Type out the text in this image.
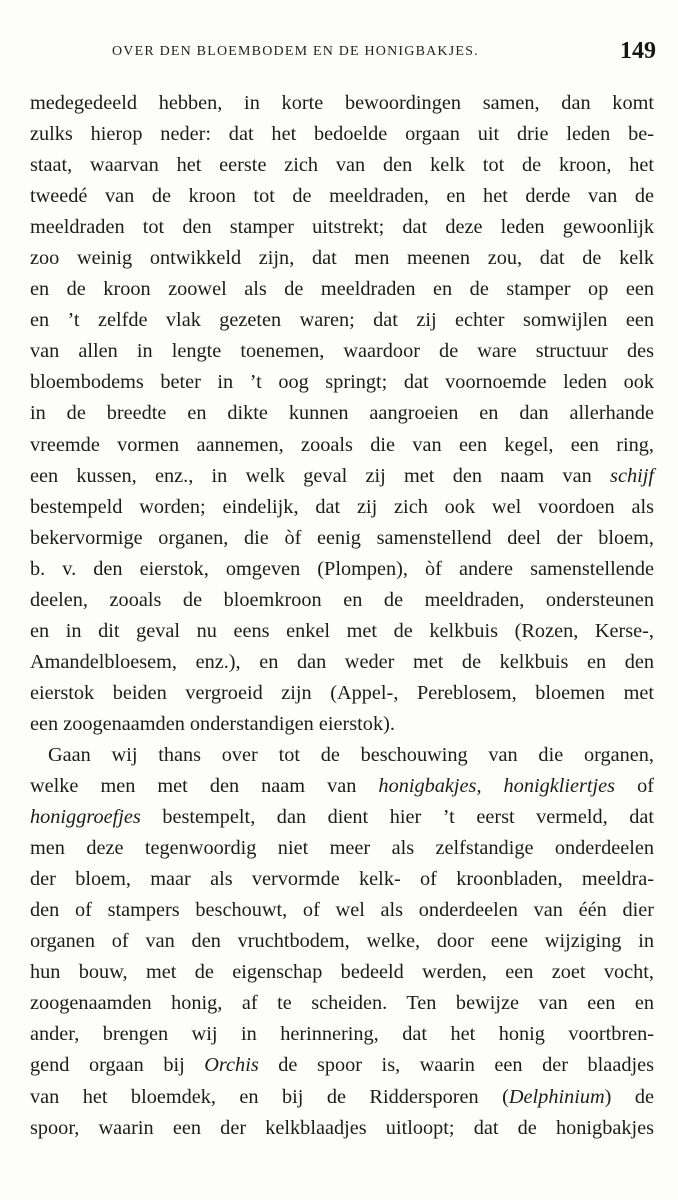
OVER DEN BLOEMBODEM EN DE HONIGBAKJES.	149
medegedeeld hebben, in korte bewoordingen samen, dan komt
zulks hierop neder: dat het bedoelde orgaan uit drie leden be-
staat, waarvan het eerste zich van den kelk tot de kroon, het
tweedé van de kroon tot de meeldraden, en het derde van de
meeldraden tot den stamper uitstrekt; dat deze leden gewoonlijk
zoo weinig ontwikkeld zijn, dat men meenen zou, dat de kelk
en de kroon zoowel als de meeldraden en de stamper op een
en ’t zelfde vlak gezeten waren; dat zij echter somwijlen een
van allen in lengte toenemen, waardoor de ware structuur des
bloembodems beter in ’t oog springt; dat voornoemde leden ook
in de breedte en dikte kunnen aangroeien en dan allerhande
vreemde vormen aannemen, zooals die van een kegel, een ring,
een kussen, enz., in welk geval zij met den naam van schijf
bestempeld worden; eindelijk, dat zij zich ook wel voordoen als
bekervormige organen, die òf eenig samenstellend deel der bloem,
b. v. den eierstok, omgeven (Plompen), òf andere samenstellende
deelen, zooals de bloemkroon en de meeldraden, ondersteunen
en in dit geval nu eens enkel met de kelkbuis (Rozen, Kerse-,
Amandelbloesem, enz.), en dan weder met de kelkbuis en den
eierstok beiden vergroeid zijn (Appel-, Pereblosem, bloemen met
een zoogenaamden onderstandigen eierstok).
Gaan wij thans over tot de beschouwing van die organen,
welke men met den naam van honigbakjes, honigkliertjes of
honiggroefjes bestempelt, dan dient hier ’t eerst vermeld, dat
men deze tegenwoordig niet meer als zelfstandige onderdeelen
der bloem, maar als vervormde kelk- of kroonbladen, meeldra-
den of stampers beschouwt, of wel als onderdeelen van één dier
organen of van den vruchtbodem, welke, door eene wijziging in
hun bouw, met de eigenschap bedeeld werden, een zoet vocht,
zoogenaamden honig, af te scheiden. Ten bewijze van een en
ander, brengen wij in herinnering, dat het honig voortbren-
gend orgaan bij Orchis de spoor is, waarin een der blaadjes
van het bloemdek, en bij de Riddersporen (Delphinium) de
spoor, waarin een der kelkblaadjes uitloopt; dat de honigbakjes
